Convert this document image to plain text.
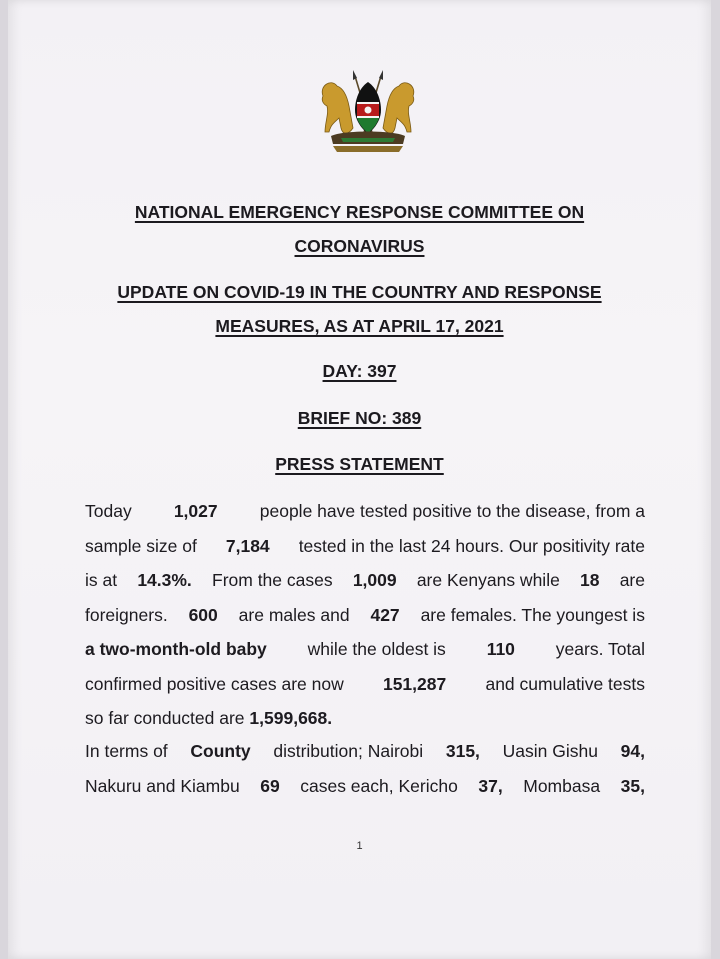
NATIONAL EMERGENCY RESPONSE COMMITTEE ON
CORONAVIRUS
UPDATE ON COVID-19 IN THE COUNTRY AND RESPONSE
MEASURES, AS AT APRIL 17, 2021
DAY: 397
BRIEF NO: 389
PRESS STATEMENT
Today 1,027 people have tested positive to the disease, from a
sample size of 7,184 tested in the last 24 hours. Our positivity rate
is at 14.3%. From the cases 1,009 are Kenyans while 18 are
foreigners. 600 are males and 427 are females. The youngest is
a two-month-old baby while the oldest is 110 years. Total
confirmed positive cases are now 151,287 and cumulative tests
so far conducted are 1,599,668.
In terms of County distribution; Nairobi 315, Uasin Gishu 94,
Nakuru and Kiambu 69 cases each, Kericho 37, Mombasa 35,
1
